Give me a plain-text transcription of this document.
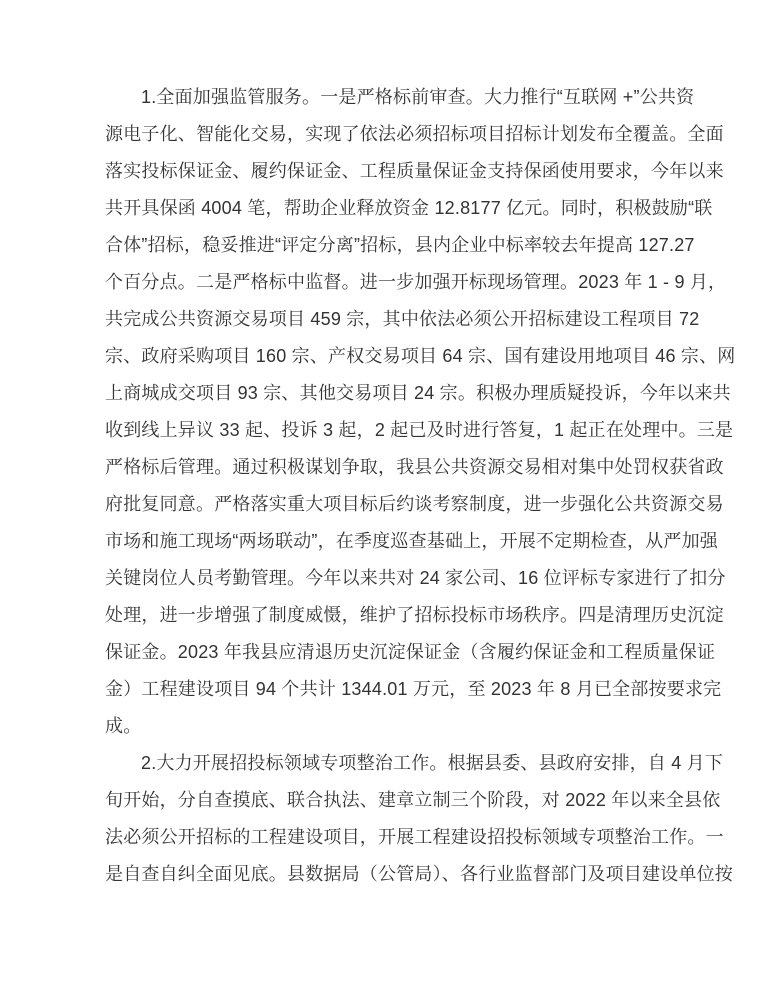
1.全面加强监管服务。一是严格标前审查。大力推行“互联网 +”公共资
源电子化、智能化交易，实现了依法必须招标项目招标计划发布全覆盖。全面
落实投标保证金、履约保证金、工程质量保证金支持保函使用要求，今年以来
共开具保函 4004 笔，帮助企业释放资金 12.8177 亿元。同时，积极鼓励“联
合体”招标，稳妥推进“评定分离”招标，县内企业中标率较去年提高 127.27
个百分点。二是严格标中监督。进一步加强开标现场管理。2023 年 1 - 9 月，
共完成公共资源交易项目 459 宗，其中依法必须公开招标建设工程项目 72
宗、政府采购项目 160 宗、产权交易项目 64 宗、国有建设用地项目 46 宗、网
上商城成交项目 93 宗、其他交易项目 24 宗。积极办理质疑投诉，今年以来共
收到线上异议 33 起、投诉 3 起，2 起已及时进行答复，1 起正在处理中。三是
严格标后管理。通过积极谋划争取，我县公共资源交易相对集中处罚权获省政
府批复同意。严格落实重大项目标后约谈考察制度，进一步强化公共资源交易
市场和施工现场“两场联动”，在季度巡查基础上，开展不定期检查，从严加强
关键岗位人员考勤管理。今年以来共对 24 家公司、16 位评标专家进行了扣分
处理，进一步增强了制度威慑，维护了招标投标市场秩序。四是清理历史沉淀
保证金。2023 年我县应清退历史沉淀保证金（含履约保证金和工程质量保证
金）工程建设项目 94 个共计 1344.01 万元，至 2023 年 8 月已全部按要求完
成。
2.大力开展招投标领域专项整治工作。根据县委、县政府安排，自 4 月下
旬开始，分自查摸底、联合执法、建章立制三个阶段，对 2022 年以来全县依
法必须公开招标的工程建设项目，开展工程建设招投标领域专项整治工作。一
是自查自纠全面见底。县数据局（公管局）、各行业监督部门及项目建设单位按
